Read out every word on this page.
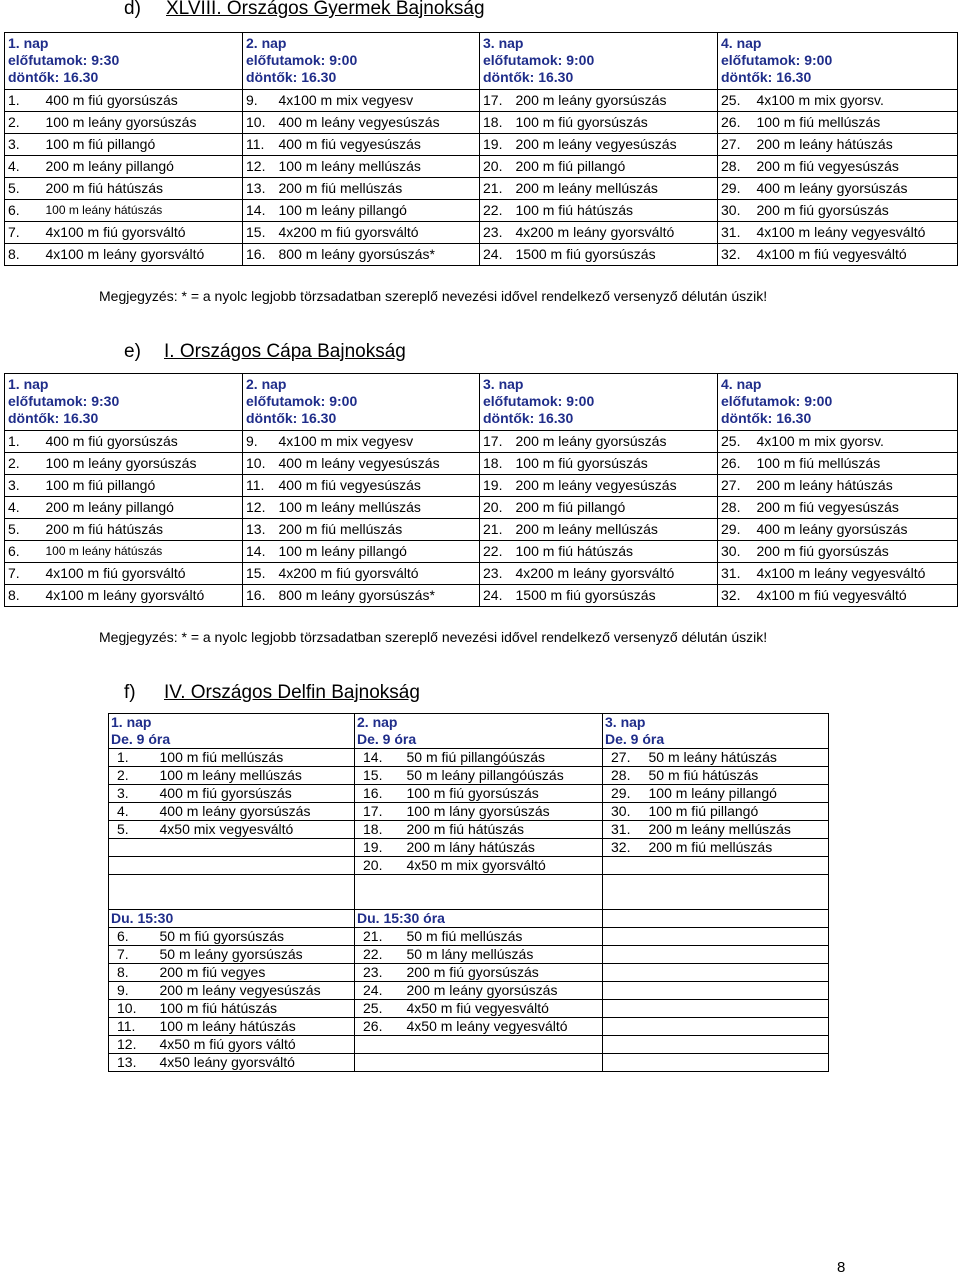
d) XLVIII. Országos Gyermek Bajnokság
1. nap
előfutamok: 9:30
döntők: 16.30		2. nap
előfutamok: 9:00
döntők: 16.30		3. nap
előfutamok: 9:00
döntők: 16.30		4. nap
előfutamok: 9:00
döntők: 16.30	

1.	400 m fiú gyorsúszás	9.	4x100 m mix vegyesv	17.	200 m leány gyorsúszás	25.	4x100 m mix gyorsv.
2.	100 m leány gyorsúszás	10.	400 m leány vegyesúszás	18.	100 m fiú gyorsúszás	26.	100 m fiú mellúszás
3.	100 m fiú pillangó	11.	400 m fiú vegyesúszás	19.	200 m leány vegyesúszás	27.	200 m leány hátúszás
4.	200 m leány pillangó	12.	100 m leány mellúszás	20.	200 m fiú pillangó	28.	200 m fiú vegyesúszás
5.	200 m fiú hátúszás	13.	200 m fiú mellúszás	21.	200 m leány mellúszás	29.	400 m leány gyorsúszás
6.	100 m leány hátúszás	14.	100 m leány pillangó	22.	100 m fiú hátúszás	30.	200 m fiú gyorsúszás
7.	4x100 m fiú gyorsváltó	15.	4x200 m fiú gyorsváltó	23.	4x200 m leány gyorsváltó	31.	4x100 m leány vegyesváltó
8.	4x100 m leány gyorsváltó	16.	800 m leány gyorsúszás*	24.	1500 m fiú gyorsúszás	32.	4x100 m fiú vegyesváltó
Megjegyzés: * = a nyolc legjobb törzsadatban szereplő nevezési idővel rendelkező versenyző délután úszik!
e) I. Országos Cápa Bajnokság
1. nap
előfutamok: 9:30
döntők: 16.30		2. nap
előfutamok: 9:00
döntők: 16.30		3. nap
előfutamok: 9:00
döntők: 16.30		4. nap
előfutamok: 9:00
döntők: 16.30	

1.	400 m fiú gyorsúszás	9.	4x100 m mix vegyesv	17.	200 m leány gyorsúszás	25.	4x100 m mix gyorsv.
2.	100 m leány gyorsúszás	10.	400 m leány vegyesúszás	18.	100 m fiú gyorsúszás	26.	100 m fiú mellúszás
3.	100 m fiú pillangó	11.	400 m fiú vegyesúszás	19.	200 m leány vegyesúszás	27.	200 m leány hátúszás
4.	200 m leány pillangó	12.	100 m leány mellúszás	20.	200 m fiú pillangó	28.	200 m fiú vegyesúszás
5.	200 m fiú hátúszás	13.	200 m fiú mellúszás	21.	200 m leány mellúszás	29.	400 m leány gyorsúszás
6.	100 m leány hátúszás	14.	100 m leány pillangó	22.	100 m fiú hátúszás	30.	200 m fiú gyorsúszás
7.	4x100 m fiú gyorsváltó	15.	4x200 m fiú gyorsváltó	23.	4x200 m leány gyorsváltó	31.	4x100 m leány vegyesváltó
8.	4x100 m leány gyorsváltó	16.	800 m leány gyorsúszás*	24.	1500 m fiú gyorsúszás	32.	4x100 m fiú vegyesváltó
Megjegyzés: * = a nyolc legjobb törzsadatban szereplő nevezési idővel rendelkező versenyző délután úszik!
f) IV. Országos Delfin Bajnokság
1. nap
De. 9 óra		2. nap
De. 9 óra		3. nap
De. 9 óra	

1.	100 m fiú mellúszás	14.	50 m fiú pillangóúszás	27.	50 m leány hátúszás
2.	100 m leány mellúszás	15.	50 m leány pillangóúszás	28.	50 m fiú hátúszás
3.	400 m fiú gyorsúszás	16.	100 m fiú gyorsúszás	29.	100 m leány pillangó
4.	400 m leány gyorsúszás	17.	100 m lány gyorsúszás	30.	100 m fiú pillangó
5.	4x50 mix vegyesváltó	18.	200 m fiú hátúszás	31.	200 m leány mellúszás
		19.	200 m lány hátúszás	32.	200 m fiú mellúszás
		20.	4x50 m mix gyorsváltó		

Du. 15:30		Du. 15:30 óra			
6.	50 m fiú gyorsúszás	21.	50 m fiú mellúszás		
7.	50 m leány gyorsúszás	22.	50 m lány mellúszás		
8.	200 m fiú vegyes	23.	200 m fiú gyorsúszás		
9.	200 m leány vegyesúszás	24.	200 m leány gyorsúszás		
10.	100 m fiú hátúszás	25.	4x50 m fiú vegyesváltó		
11.	100 m leány hátúszás	26.	4x50 m leány vegyesváltó		
12.	4x50 m fiú gyors váltó				
13.	4x50 leány gyorsváltó				
8
